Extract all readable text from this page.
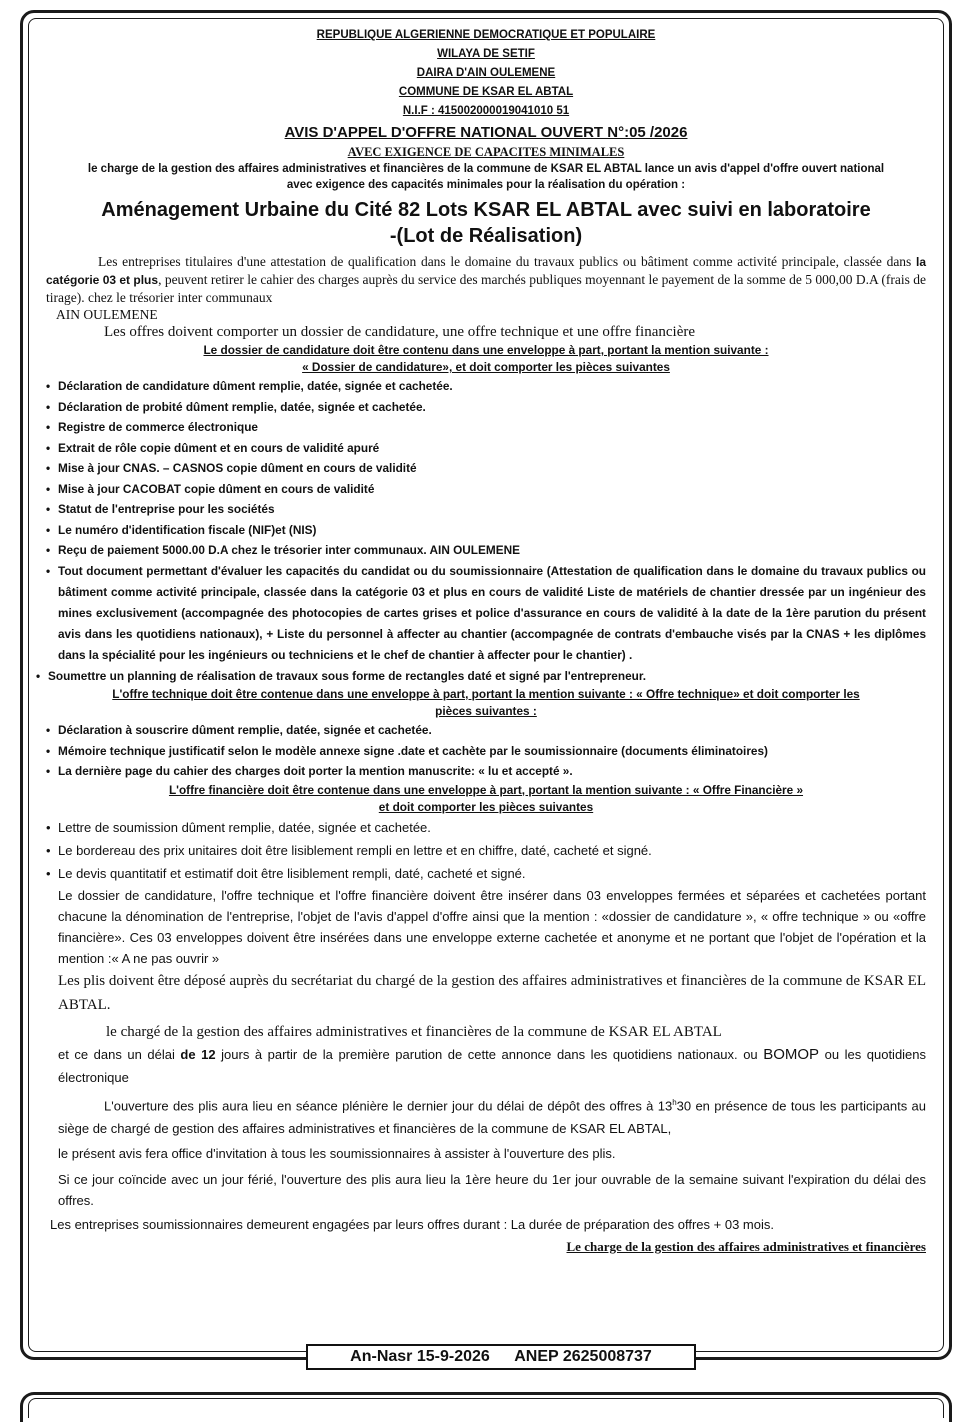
REPUBLIQUE ALGERIENNE DEMOCRATIQUE ET POPULAIRE
WILAYA DE SETIF
DAIRA D'AIN OULEMENE
COMMUNE DE KSAR EL ABTAL
N.I.F : 415002000019041010 51
AVIS D'APPEL D'OFFRE NATIONAL OUVERT N°:05 /2026
AVEC EXIGENCE DE CAPACITES MINIMALES
le charge de la gestion des affaires administratives et financières de la commune de KSAR EL ABTAL lance un avis d'appel d'offre ouvert national avec exigence des capacités minimales pour la réalisation du opération :
Aménagement Urbaine du Cité 82 Lots KSAR EL ABTAL avec suivi en laboratoire
-(Lot de Réalisation)

Les entreprises titulaires d'une attestation de qualification dans le domaine du travaux publics ou bâtiment comme activité principale, classée dans la catégorie 03 et plus, peuvent retirer le cahier des charges auprès du service des marchés publiques moyennant le payement de la somme de 5 000,00 D.A (frais de tirage). chez le trésorier inter communaux

AIN OULEMENE
Les offres doivent comporter un dossier de candidature, une offre technique et une offre financière
Le dossier de candidature doit être contenu dans une enveloppe à part, portant la mention suivante :
« Dossier de candidature», et doit comporter les pièces suivantes
• Déclaration de candidature dûment remplie, datée, signée et cachetée.
• Déclaration de probité dûment remplie, datée, signée et cachetée.
• Registre de commerce électronique
• Extrait de rôle copie dûment et en cours de validité apuré
• Mise à jour CNAS. – CASNOS copie dûment en cours de validité
• Mise à jour CACOBAT copie dûment en cours de validité
• Statut de l'entreprise pour les sociétés
• Le numéro d'identification fiscale (NIF)et (NIS)
• Reçu de paiement 5000.00 D.A chez le trésorier inter communaux. AIN OULEMENE
• Tout document permettant d'évaluer les capacités du candidat ou du soumissionnaire (Attestation de qualification dans le domaine du travaux publics ou bâtiment comme activité principale, classée dans la catégorie 03 et plus en cours de validité Liste de matériels de chantier dressée par un ingénieur des mines exclusivement (accompagnée des photocopies de cartes grises et police d'assurance en cours de validité à la date de la 1ère parution du présent avis dans les quotidiens nationaux), + Liste du personnel à affecter au chantier (accompagnée de contrats d'embauche visés par la CNAS + les diplômes dans la spécialité pour les ingénieurs ou techniciens et le chef de chantier à affecter pour le chantier) .
• Soumettre un planning de réalisation de travaux sous forme de rectangles daté et signé par l'entrepreneur.
L'offre technique doit être contenue dans une enveloppe à part, portant la mention suivante : « Offre technique» et doit comporter les
pièces suivantes :
• Déclaration à souscrire dûment remplie, datée, signée et cachetée.
• Mémoire technique justificatif selon le modèle annexe signe .date et cachète par le soumissionnaire (documents éliminatoires)
• La dernière page du cahier des charges doit porter la mention manuscrite: « lu et accepté ».
L'offre financière doit être contenue dans une enveloppe à part, portant la mention suivante : « Offre Financière »
et doit comporter les pièces suivantes
• Lettre de soumission dûment remplie, datée, signée et cachetée.
• Le bordereau des prix unitaires doit être lisiblement rempli en lettre et en chiffre, daté, cacheté et signé.
• Le devis quantitatif et estimatif doit être lisiblement rempli, daté, cacheté et signé.

Le dossier de candidature, l'offre technique et l'offre financière doivent être insérer dans 03 enveloppes fermées et séparées et cachetées portant chacune la dénomination de l'entreprise, l'objet de l'avis d'appel d'offre ainsi que la mention : «dossier de candidature », « offre technique » ou «offre financière». Ces 03 enveloppes doivent être insérées dans une enveloppe externe cachetée et anonyme et ne portant que l'objet de l'opération et la mention :« A ne pas ouvrir »

Les plis doivent être déposé auprès du secrétariat du chargé de la gestion des affaires administratives et financières de la commune de KSAR EL ABTAL.

le chargé de la gestion des affaires administratives et financières de la commune de KSAR EL ABTAL

et ce dans un délai de 12 jours à partir de la première parution de cette annonce dans les quotidiens nationaux. ou BOMOP ou les quotidiens électronique

L'ouverture des plis aura lieu en séance plénière le dernier jour du délai de dépôt des offres à 13$^h$30 en présence de tous les participants au siège de chargé de gestion des affaires administratives et financières de la commune de KSAR EL ABTAL,

le présent avis fera office d'invitation à tous les soumissionnaires à assister à l'ouverture des plis.

Si ce jour coïncide avec un jour férié, l'ouverture des plis aura lieu la 1ère heure du 1er jour ouvrable de la semaine suivant l'expiration du délai des offres.

Les entreprises soumissionnaires demeurent engagées par leurs offres durant : La durée de préparation des offres + 03 mois.

Le charge de la gestion des affaires administratives et financières
An-Nasr 15-9-2026 ANEP 2625008737
